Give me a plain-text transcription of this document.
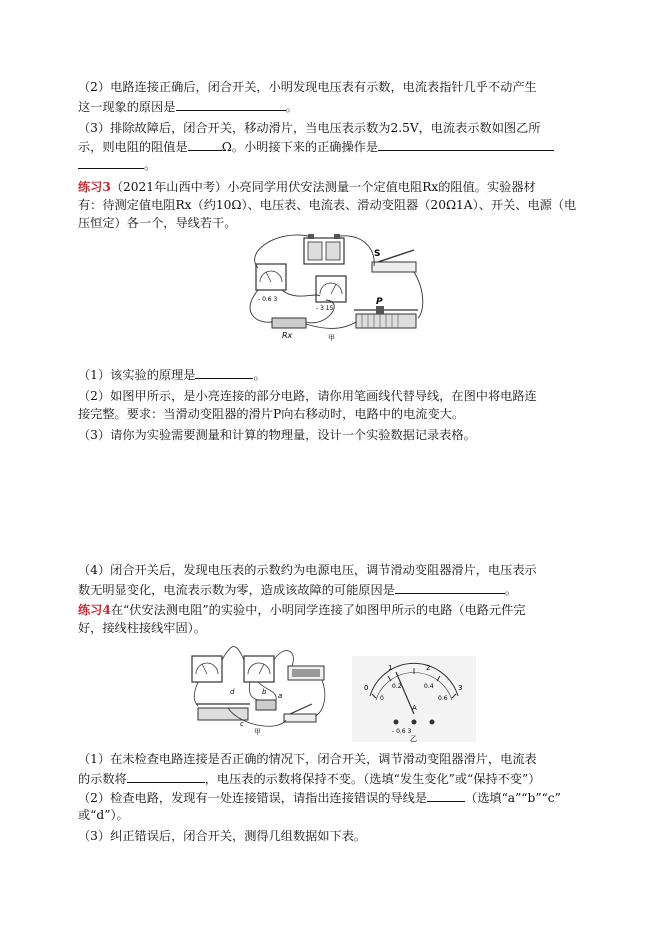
（2）电路连接正确后，闭合开关，小明发现电压表有示数，电流表指针几乎不动产生
这一现象的原因是	。
（3）排除故障后，闭合开关，移动滑片，当电压表示数为2.5V，电流表示数如图乙所
示，则电阻的阻值是	Ω。小明接下来的正确操作是
。
练习3（2021年山西中考）小亮同学用伏安法测量一个定值电阻Rx的阻值。实验器材
有：待测定值电阻Rx（约10Ω）、电压表、电流表、滑动变阻器（20Ω1A）、开关、电源（电
压恒定）各一个，导线若干。
- 0.6 3
- 3 15
S
Rx
P
甲
（1）该实验的原理是	。
（2）如图甲所示，是小亮连接的部分电路，请你用笔画线代替导线，在图中将电路连
接完整。要求：当滑动变阻器的滑片P向右移动时，电路中的电流变大。
（3）请你为实验需要测量和计算的物理量，设计一个实验数据记录表格。
（4）闭合开关后，发现电压表的示数约为电源电压，调节滑动变阻器滑片，电压表示
数无明显变化，电流表示数为零，造成该故障的可能原因是	。
练习4在“伏安法测电阻”的实验中，小明同学连接了如图甲所示的电路（电路元件完
好，接线柱接线牢固）。
d	b
c
a
甲
0
1	2
3
0
0.2	0.4
0.6
A
- 0.6 3
乙
（1）在未检查电路连接是否正确的情况下，闭合开关，调节滑动变阻器滑片，电流表
的示数将	，电压表的示数将保持不变。（选填“发生变化”或“保持不变”）
（2）检查电路，发现有一处连接错误，请指出连接错误的导线是	（选填“a”“b”“c”
或“d”）。
（3）纠正错误后，闭合开关，测得几组数据如下表。
